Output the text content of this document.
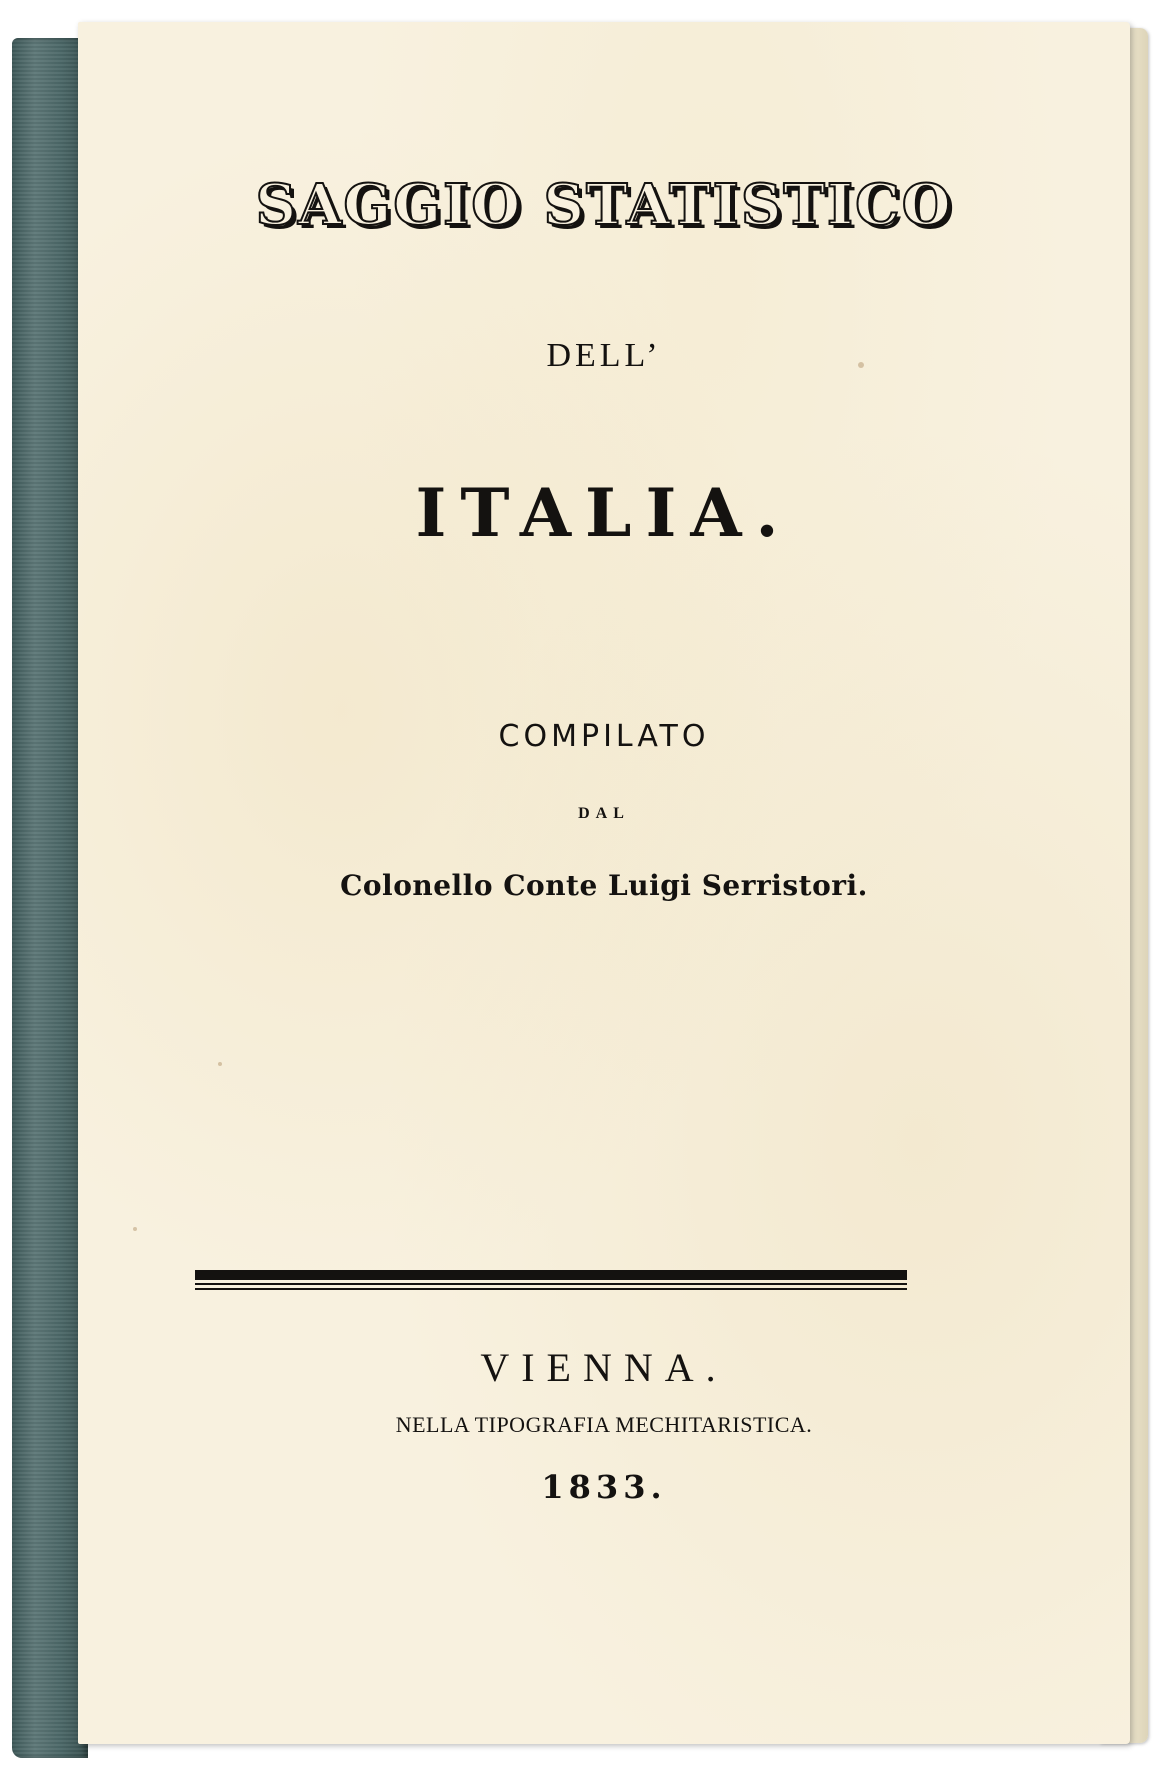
SAGGIO STATISTICO
DELL’
ITALIA.
COMPILATO
DAL
Colonello Conte Luigi Serristori.
VIENNA.
NELLA TIPOGRAFIA MECHITARISTICA.
1833.
